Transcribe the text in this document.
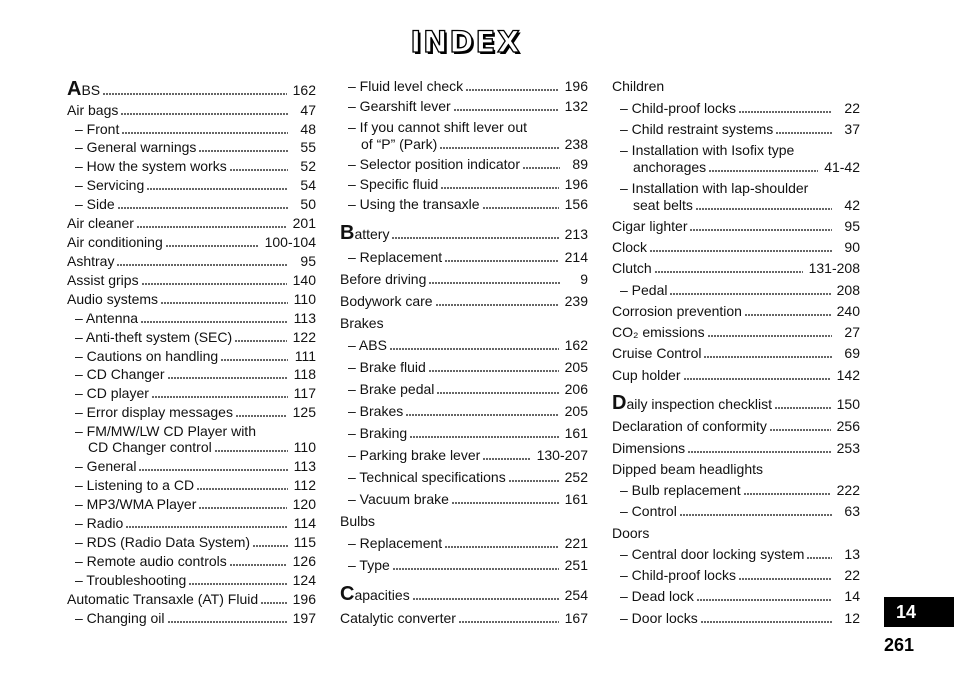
INDEX
ABS	162
Air bags	47
– Front	48
– General warnings	55
– How the system works	52
– Servicing	54
– Side	50
Air cleaner	201
Air conditioning	100-104
Ashtray	95
Assist grips	140
Audio systems	110
– Antenna	113
– Anti-theft system (SEC)	122
– Cautions on handling	111
– CD Changer	118
– CD player	117
– Error display messages	125
– FM/MW/LW CD Player with
CD Changer control	110
– General	113
– Listening to a CD	112
– MP3/WMA Player	120
– Radio	114
– RDS (Radio Data System)	115
– Remote audio controls	126
– Troubleshooting	124
Automatic Transaxle (AT) Fluid 196
– Changing oil	197
– Fluid level check	196
– Gearshift lever	132
– If you cannot shift lever out
of “P” (Park)	238
– Selector position indicator	89
– Specific fluid	196
– Using the transaxle	156
Battery	213
– Replacement	214
Before driving	9
Bodywork care	239
Brakes
– ABS	162
– Brake fluid	205
– Brake pedal	206
– Brakes	205
– Braking	161
– Parking brake lever	130-207
– Technical specifications	252
– Vacuum brake	161
Bulbs
– Replacement	221
– Type	251
Capacities	254
Catalytic converter	167
Children
– Child-proof locks	22
– Child restraint systems	37
– Installation with Isofix type
anchorages	41-42
– Installation with lap-shoulder
seat belts	42
Cigar lighter	95
Clock	90
Clutch	131-208
– Pedal	208
Corrosion prevention	240
CO₂ emissions	27
Cruise Control	69
Cup holder	142
Daily inspection checklist	150
Declaration of conformity	256
Dimensions	253
Dipped beam headlights
– Bulb replacement	222
– Control	63
Doors
– Central door locking system	13
– Child-proof locks	22
– Dead lock	14
– Door locks	12 14
261
